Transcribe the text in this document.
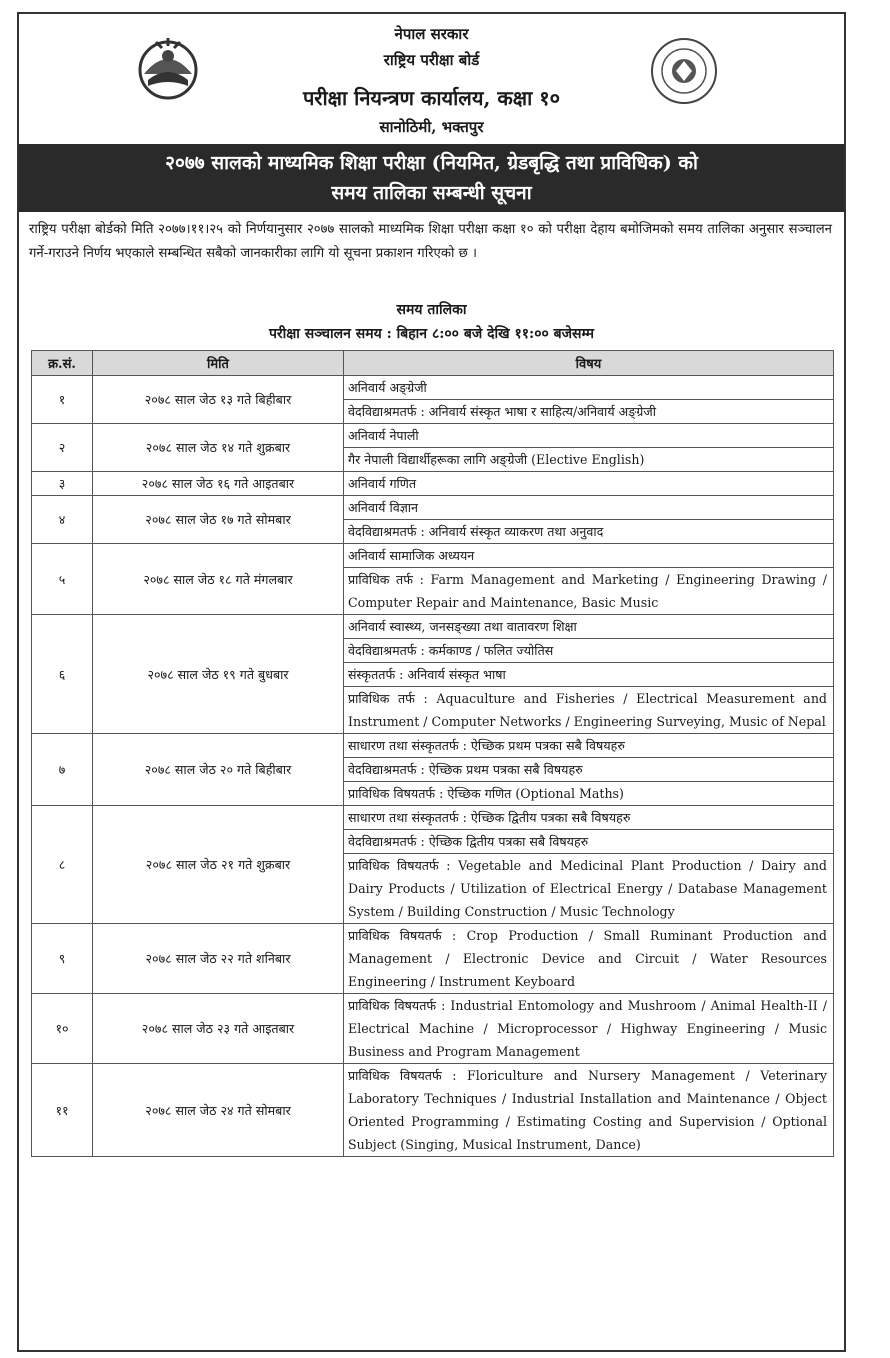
नेपाल सरकार
राष्ट्रिय परीक्षा बोर्ड
परीक्षा नियन्त्रण कार्यालय, कक्षा १०
सानोठिमी, भक्तपुर
२०७७ सालको माध्यमिक शिक्षा परीक्षा (नियमित, ग्रेडबृद्धि तथा प्राविधिक) को
समय तालिका सम्बन्धी सूचना
राष्ट्रिय परीक्षा बोर्डको मिति २०७७।११।२५ को निर्णयानुसार २०७७ सालको माध्यमिक शिक्षा परीक्षा कक्षा १० को परीक्षा देहाय बमोजिमको समय तालिका अनुसार सञ्चालन गर्ने-गराउने निर्णय भएकाले सम्बन्धित सबैको जानकारीका लागि यो सूचना प्रकाशन गरिएको छ ।
समय तालिका
परीक्षा सञ्चालन समय : बिहान ८:०० बजे देखि ११:०० बजेसम्म
क्र.सं.	मिति	विषय
१	२०७८ साल जेठ १३ गते बिहीबार	अनिवार्य अङ्ग्रेजी
		वेदविद्याश्रमतर्फ : अनिवार्य संस्कृत भाषा र साहित्य/अनिवार्य अङ्ग्रेजी
२	२०७८ साल जेठ १४ गते शुक्रबार	अनिवार्य नेपाली
		गैर नेपाली विद्यार्थीहरूका लागि अङ्ग्रेजी (Elective English)
३	२०७८ साल जेठ १६ गते आइतबार	अनिवार्य गणित
४	२०७८ साल जेठ १७ गते सोमबार	अनिवार्य विज्ञान
		वेदविद्याश्रमतर्फ : अनिवार्य संस्कृत व्याकरण तथा अनुवाद
५	२०७८ साल जेठ १८ गते मंगलबार	अनिवार्य सामाजिक अध्ययन
		प्राविधिक तर्फ : Farm Management and Marketing / Engineering Drawing / Computer Repair and Maintenance, Basic Music
६	२०७८ साल जेठ १९ गते बुधबार	अनिवार्य स्वास्थ्य, जनसङ्ख्या तथा वातावरण शिक्षा
		वेदविद्याश्रमतर्फ : कर्मकाण्ड / फलित ज्योतिस
		संस्कृततर्फ : अनिवार्य संस्कृत भाषा
		प्राविधिक तर्फ : Aquaculture and Fisheries / Electrical Measurement and Instrument / Computer Networks / Engineering Surveying, Music of Nepal
७	२०७८ साल जेठ २० गते बिहीबार	साधारण तथा संस्कृततर्फ : ऐच्छिक प्रथम पत्रका सबै विषयहरु
		वेदविद्याश्रमतर्फ : ऐच्छिक प्रथम पत्रका सबै विषयहरु
		प्राविधिक विषयतर्फ : ऐच्छिक गणित (Optional Maths)
८	२०७८ साल जेठ २१ गते शुक्रबार	साधारण तथा संस्कृततर्फ : ऐच्छिक द्वितीय पत्रका सबै विषयहरु
		वेदविद्याश्रमतर्फ : ऐच्छिक द्वितीय पत्रका सबै विषयहरु
		प्राविधिक विषयतर्फ : Vegetable and Medicinal Plant Production / Dairy and Dairy Products / Utilization of Electrical Energy / Database Management System / Building Construction / Music Technology
९	२०७८ साल जेठ २२ गते शनिबार	प्राविधिक विषयतर्फ : Crop Production / Small Ruminant Production and Management / Electronic Device and Circuit / Water Resources Engineering / Instrument Keyboard
१०	२०७८ साल जेठ २३ गते आइतबार	प्राविधिक विषयतर्फ : Industrial Entomology and Mushroom / Animal Health-II / Electrical Machine / Microprocessor / Highway Engineering / Music Business and Program Management
११	२०७८ साल जेठ २४ गते सोमबार	प्राविधिक विषयतर्फ : Floriculture and Nursery Management / Veterinary Laboratory Techniques / Industrial Installation and Maintenance / Object Oriented Programming / Estimating Costing and Supervision / Optional Subject (Singing, Musical Instrument, Dance)
